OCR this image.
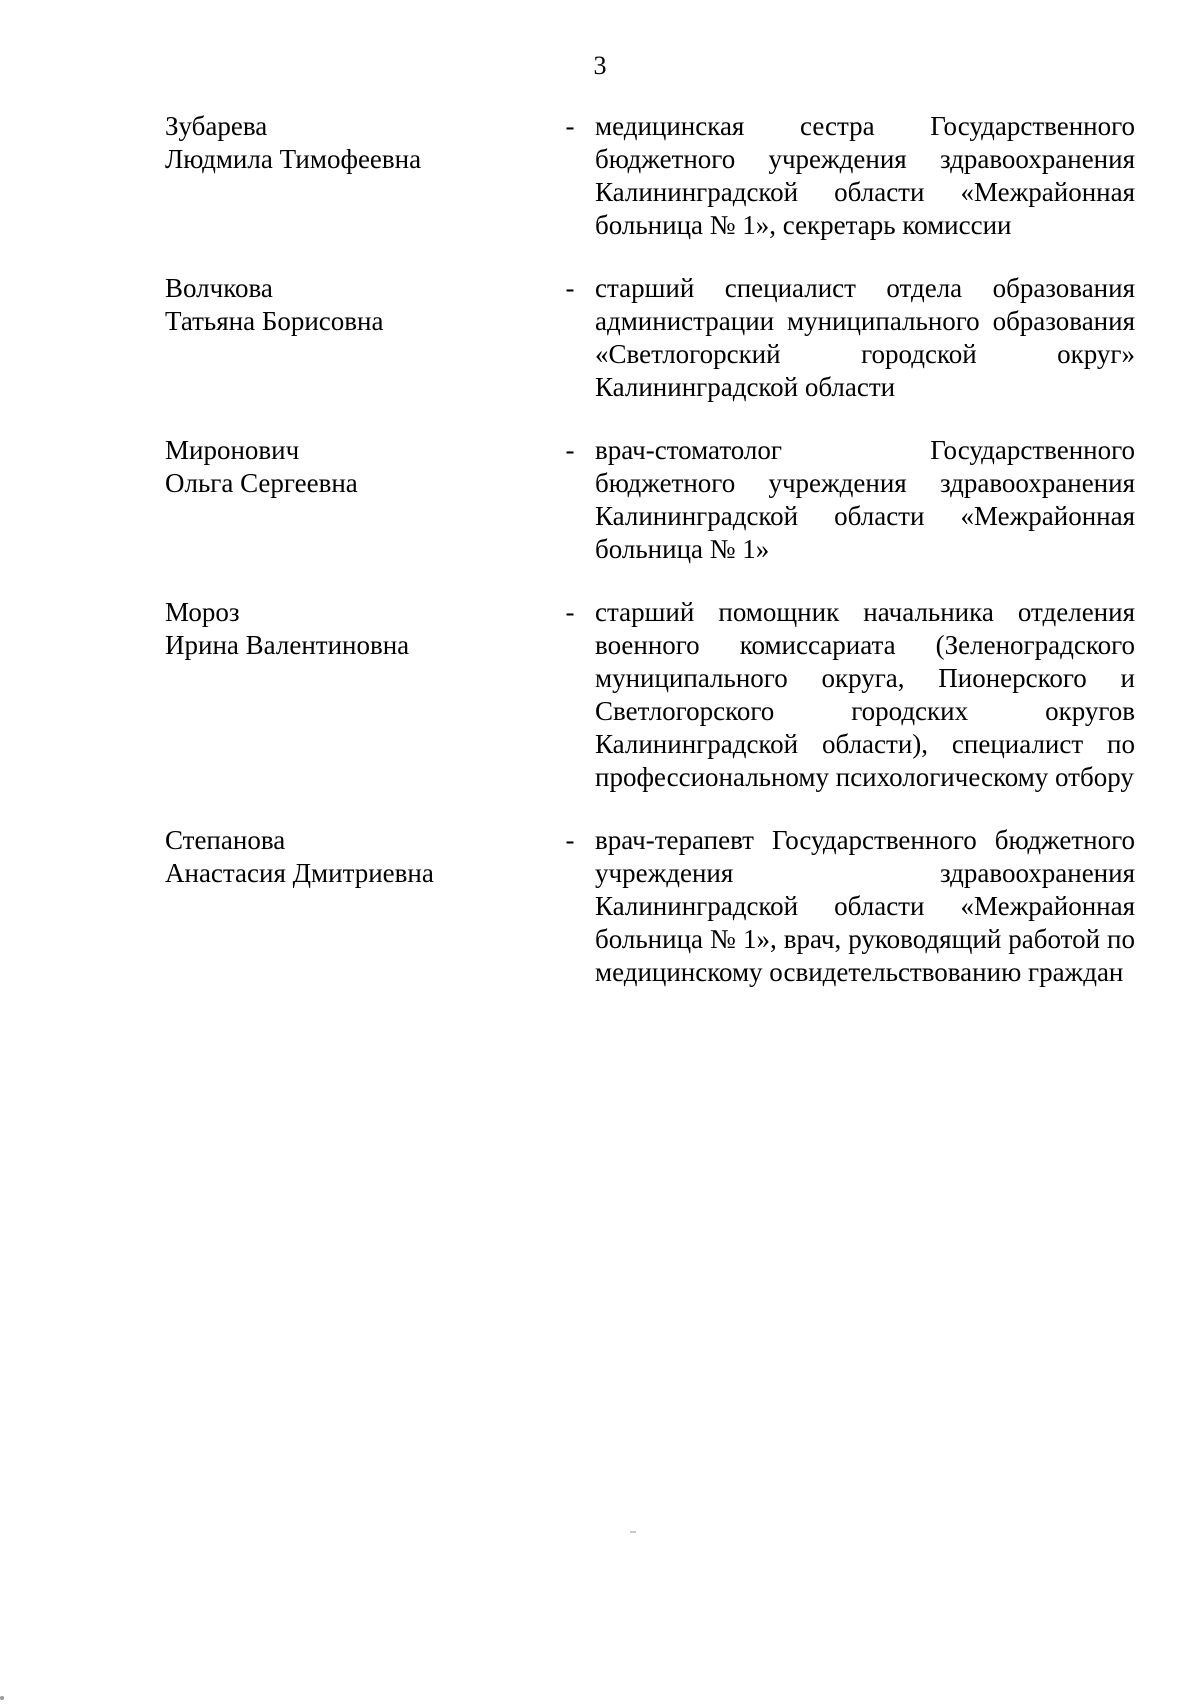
3
Зубарева
Людмила Тимофеевна
- медицинская сестра Государственного бюджетного учреждения здравоохранения Калининградской области «Межрайонная больница № 1», секретарь комиссии
Волчкова
Татьяна Борисовна
- старший специалист отдела образования администрации муниципального образования «Светлогорский городской округ» Калининградской области
Миронович
Ольга Сергеевна
- врач-стоматолог Государственного бюджетного учреждения здравоохранения Калининградской области «Межрайонная больница № 1»
Мороз
Ирина Валентиновна
- старший помощник начальника отделения военного комиссариата (Зеленоградского муниципального округа, Пионерского и Светлогорского городских округов Калининградской области), специалист по профессиональному психологическому отбору
Степанова
Анастасия Дмитриевна
- врач-терапевт Государственного бюджетного учреждения здравоохранения Калининградской области «Межрайонная больница № 1», врач, руководящий работой по медицинскому освидетельствованию граждан
